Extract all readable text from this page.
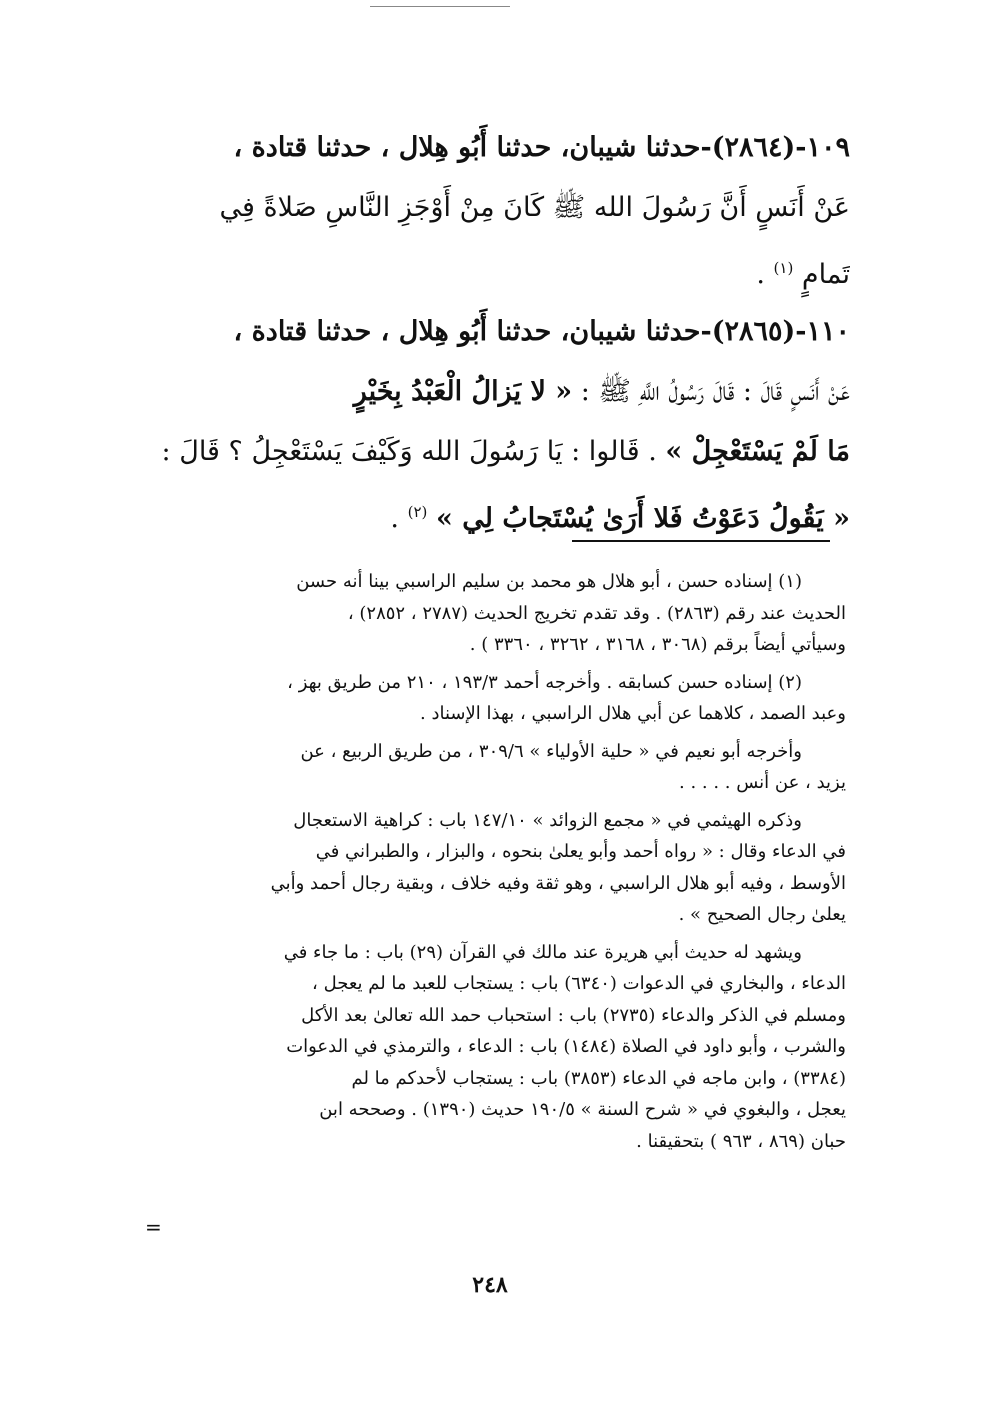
١٠٩-(٢٨٦٤)-حدثنا شيبان، حدثنا أَبُو هِلال ، حدثنا قتادة ،
عَنْ أَنَسٍ أَنَّ رَسُولَ الله ﷺ كَانَ مِنْ أَوْجَزِ النَّاسِ صَلاةً فِي
تَمامٍ $^{(١)}$ .
١١٠-(٢٨٦٥)-حدثنا شيبان، حدثنا أَبُو هِلال ، حدثنا قتادة ،
عَنْ أَنَسٍ قَالَ : قَالَ رَسُولُ اللَّهِ ﷺ : « لا يَزالُ الْعَبْدُ بِخَيْرٍ
مَا لَمْ يَسْتَعْجِلْ » . قَالوا : يَا رَسُولَ الله وَكَيْفَ يَسْتَعْجِلُ ؟ قَالَ :
« يَقُولُ دَعَوْتُ فَلا أَرَىٰ يُسْتَجابُ لِي » $^{(٢)}$ .
(١) إسناده حسن ، أبو هلال هو محمد بن سليم الراسبي بينا أنه حسن
الحديث عند رقم (٢٨٦٣) . وقد تقدم تخريج الحديث (٢٧٨٧ ، ٢٨٥٢) ،
وسيأتي أيضاً برقم (٣٠٦٨ ، ٣١٦٨ ، ٣٢٦٢ ، ٣٣٦٠ ) .
(٢) إسناده حسن كسابقه . وأخرجه أحمد ١٩٣/٣ ، ٢١٠ من طريق بهز ،
وعبد الصمد ، كلاهما عن أبي هلال الراسبي ، بهذا الإسناد .
وأخرجه أبو نعيم في « حلية الأولياء » ٣٠٩/٦ ، من طريق الربيع ، عن
يزيد ، عن أنس . . . . .
وذكره الهيثمي في « مجمع الزوائد » ١٤٧/١٠ باب : كراهية الاستعجال
في الدعاء وقال : « رواه أحمد وأبو يعلىٰ بنحوه ، والبزار ، والطبراني في
الأوسط ، وفيه أبو هلال الراسبي ، وهو ثقة وفيه خلاف ، وبقية رجال أحمد وأبي
يعلىٰ رجال الصحيح » .
ويشهد له حديث أبي هريرة عند مالك في القرآن (٢٩) باب : ما جاء في
الدعاء ، والبخاري في الدعوات (٦٣٤٠) باب : يستجاب للعبد ما لم يعجل ،
ومسلم في الذكر والدعاء (٢٧٣٥) باب : استحباب حمد الله تعالىٰ بعد الأكل
والشرب ، وأبو داود في الصلاة (١٤٨٤) باب : الدعاء ، والترمذي في الدعوات
(٣٣٨٤) ، وابن ماجه في الدعاء (٣٨٥٣) باب : يستجاب لأحدكم ما لم
يعجل ، والبغوي في « شرح السنة » ١٩٠/٥ حديث (١٣٩٠) . وصححه ابن
حبان (٨٦٩ ، ٩٦٣ ) بتحقيقنا .
=
٢٤٨
